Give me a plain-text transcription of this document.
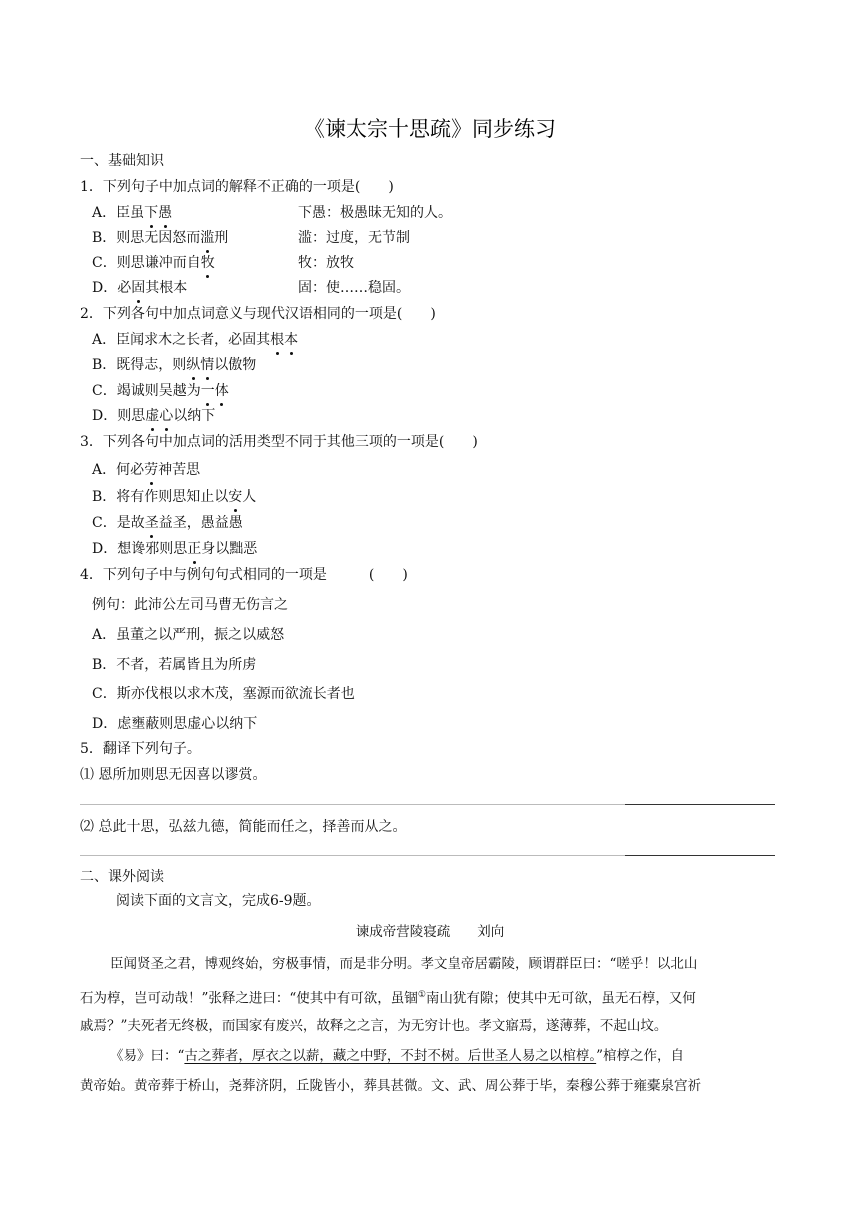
《谏太宗十思疏》同步练习
一、基础知识
1．下列句子中加点词的解释不正确的一项是(　　)
A．臣虽下愚	下愚：极愚昧无知的人。
B．则思无因怒而滥刑	滥：过度，无节制
C．则思谦冲而自牧	牧：放牧
D．必固其根本	固：使……稳固。
2．下列各句中加点词意义与现代汉语相同的一项是(　　)
A．臣闻求木之长者，必固其根本
B．既得志，则纵情以傲物
C．竭诚则吴越为一体
D．则思虚心以纳下
3．下列各句中加点词的活用类型不同于其他三项的一项是(　　)
A．何必劳神苦思
B．将有作则思知止以安人
C．是故圣益圣，愚益愚
D．想谗邪则思正身以黜恶
4．下列句子中与例句句式相同的一项是　　　(　　)
例句：此沛公左司马曹无伤言之
A．虽董之以严刑，振之以威怒
B．不者，若属皆且为所虏
C．斯亦伐根以求木茂，塞源而欲流长者也
D．虑壅蔽则思虚心以纳下
5．翻译下列句子。
⑴ 恩所加则思无因喜以谬赏。
⑵ 总此十思，弘兹九德，简能而任之，择善而从之。
二、课外阅读
阅读下面的文言文，完成6-9题。
谏成帝营陵寝疏　　刘向
臣闻贤圣之君，博观终始，穷极事情，而是非分明。孝文皇帝居霸陵，顾谓群臣曰：“嗟乎！以北山
石为椁，岂可动哉！”张释之进曰：“使其中有可欲，虽锢①南山犹有隙；使其中无可欲，虽无石椁，又何
戚焉？”夫死者无终极，而国家有废兴，故释之之言，为无穷计也。孝文寤焉，遂薄葬，不起山坟。
《易》曰：“古之葬者，厚衣之以薪，藏之中野，不封不树。后世圣人易之以棺椁。”棺椁之作，自
黄帝始。黄帝葬于桥山，尧葬济阴，丘陇皆小，葬具甚微。文、武、周公葬于毕，秦穆公葬于雍橐泉宫祈
